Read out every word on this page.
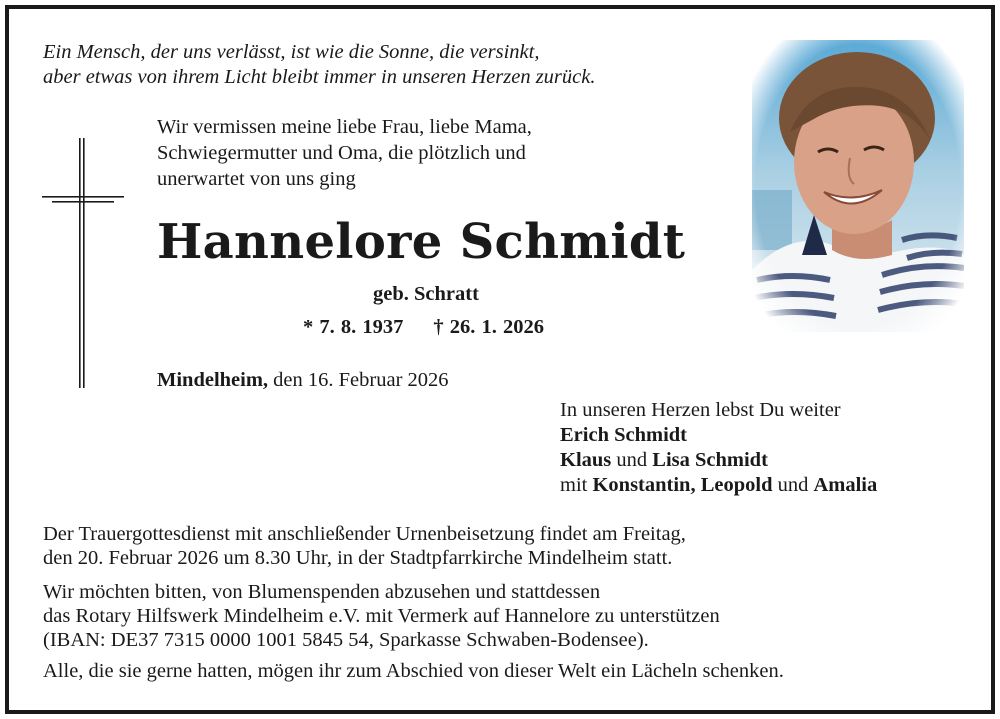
Ein Mensch, der uns verlässt, ist wie die Sonne, die versinkt,
aber etwas von ihrem Licht bleibt immer in unseren Herzen zurück.
Wir vermissen meine liebe Frau, liebe Mama,
Schwiegermutter und Oma, die plötzlich und
unerwartet von uns ging
Hannelore Schmidt
geb. Schratt
* 7. 8. 1937 † 26. 1. 2026
Mindelheim, den 16. Februar 2026
In unseren Herzen lebst Du weiter
Erich Schmidt
Klaus und Lisa Schmidt
mit Konstantin, Leopold und Amalia
Der Trauergottesdienst mit anschließender Urnenbeisetzung findet am Freitag,
den 20. Februar 2026 um 8.30 Uhr, in der Stadtpfarrkirche Mindelheim statt.
Wir möchten bitten, von Blumenspenden abzusehen und stattdessen
das Rotary Hilfswerk Mindelheim e.V. mit Vermerk auf Hannelore zu unterstützen
(IBAN: DE37 7315 0000 1001 5845 54, Sparkasse Schwaben-Bodensee).
Alle, die sie gerne hatten, mögen ihr zum Abschied von dieser Welt ein Lächeln schenken.
